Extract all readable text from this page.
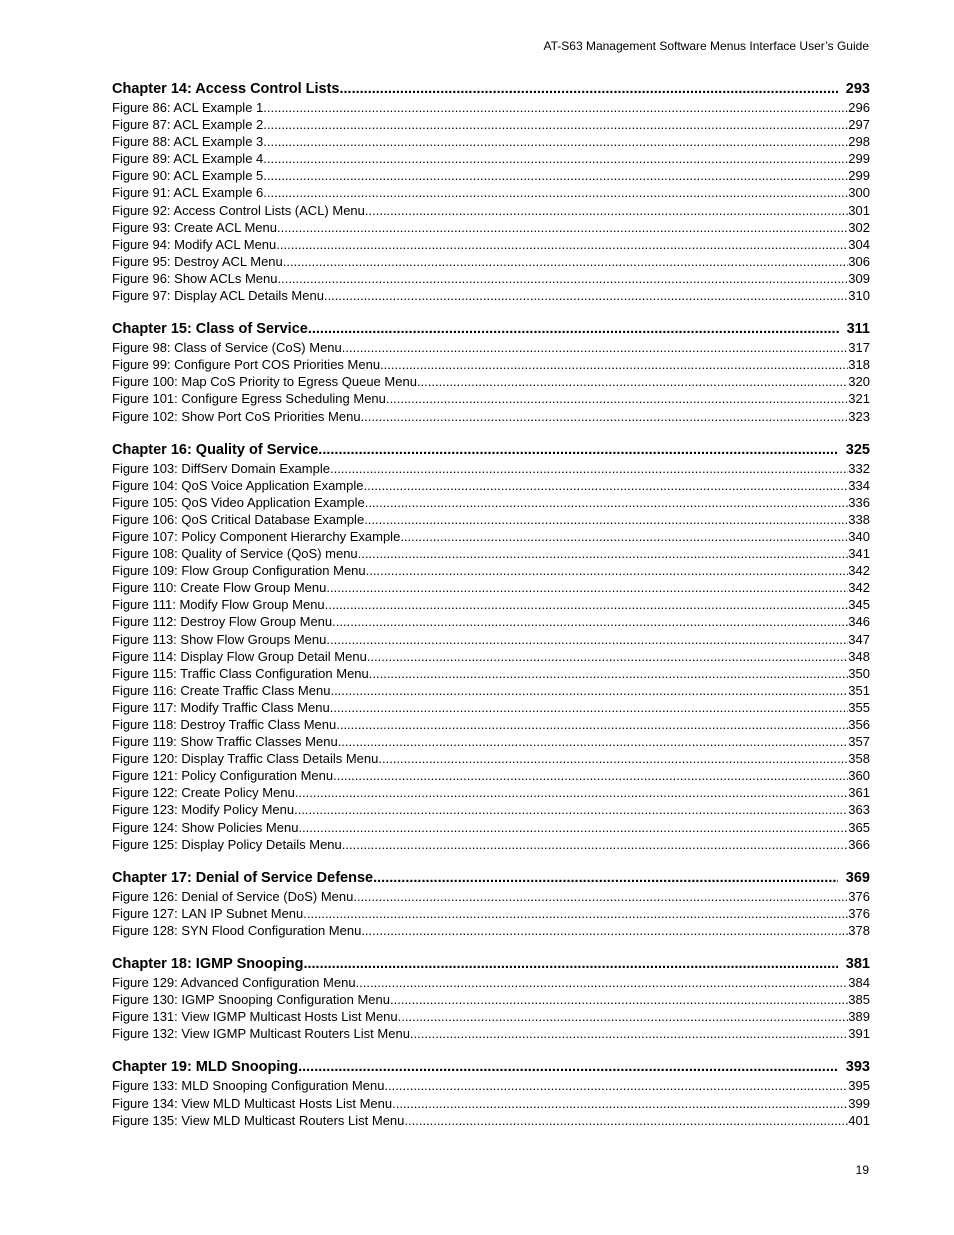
AT-S63 Management Software Menus Interface User’s Guide
Chapter 14: Access Control Lists .....	293
Figure 86: ACL Example 1 .....	296
Figure 87: ACL Example 2 .....	297
Figure 88: ACL Example 3 .....	298
Figure 89: ACL Example 4 .....	299
Figure 90: ACL Example 5 .....	299
Figure 91: ACL Example 6 .....	300
Figure 92: Access Control Lists (ACL) Menu .....	301
Figure 93: Create ACL Menu .....	302
Figure 94: Modify ACL Menu .....	304
Figure 95: Destroy ACL Menu .....	306
Figure 96: Show ACLs Menu .....	309
Figure 97: Display ACL Details Menu .....	310
Chapter 15: Class of Service .....	311
Figure 98: Class of Service (CoS) Menu .....	317
Figure 99: Configure Port COS Priorities Menu .....	318
Figure 100: Map CoS Priority to Egress Queue Menu .....	320
Figure 101: Configure Egress Scheduling Menu .....	321
Figure 102: Show Port CoS Priorities Menu .....	323
Chapter 16: Quality of Service .....	325
Figure 103: DiffServ Domain Example .....	332
Figure 104: QoS Voice Application Example .....	334
Figure 105: QoS Video Application Example .....	336
Figure 106: QoS Critical Database Example .....	338
Figure 107: Policy Component Hierarchy Example .....	340
Figure 108: Quality of Service (QoS) menu .....	341
Figure 109: Flow Group Configuration Menu .....	342
Figure 110: Create Flow Group Menu .....	342
Figure 111: Modify Flow Group Menu .....	345
Figure 112: Destroy Flow Group Menu .....	346
Figure 113: Show Flow Groups Menu .....	347
Figure 114: Display Flow Group Detail Menu .....	348
Figure 115: Traffic Class Configuration Menu .....	350
Figure 116: Create Traffic Class Menu .....	351
Figure 117: Modify Traffic Class Menu .....	355
Figure 118: Destroy Traffic Class Menu .....	356
Figure 119: Show Traffic Classes Menu .....	357
Figure 120: Display Traffic Class Details Menu .....	358
Figure 121: Policy Configuration Menu .....	360
Figure 122: Create Policy Menu .....	361
Figure 123: Modify Policy Menu .....	363
Figure 124: Show Policies Menu .....	365
Figure 125: Display Policy Details Menu .....	366
Chapter 17: Denial of Service Defense .....	369
Figure 126: Denial of Service (DoS) Menu .....	376
Figure 127: LAN IP Subnet Menu .....	376
Figure 128: SYN Flood Configuration Menu .....	378
Chapter 18: IGMP Snooping .....	381
Figure 129: Advanced Configuration Menu .....	384
Figure 130: IGMP Snooping Configuration Menu .....	385
Figure 131: View IGMP Multicast Hosts List Menu .....	389
Figure 132: View IGMP Multicast Routers List Menu .....	391
Chapter 19: MLD Snooping .....	393
Figure 133: MLD Snooping Configuration Menu .....	395
Figure 134: View MLD Multicast Hosts List Menu .....	399
Figure 135: View MLD Multicast Routers List Menu .....	401
19
